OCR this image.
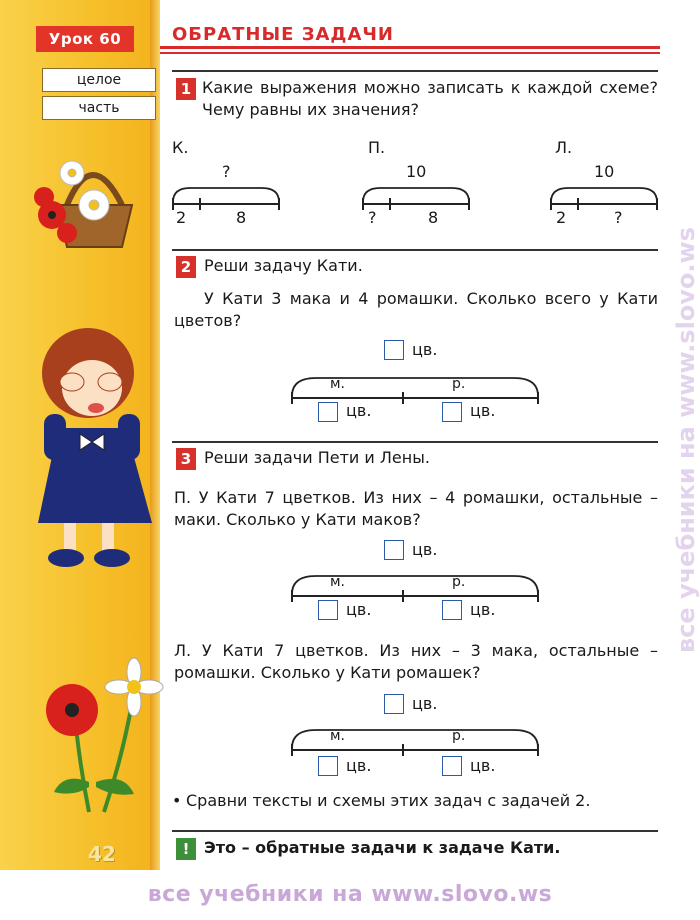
Урок 60	ОБРАТНЫЕ ЗАДАЧИ
целое
часть
42
1 Какие выражения можно записать к каждой схеме? Чему равны их значения?
К.	П.	Л.
?
2	8
10
?	8
10
2	?
2 Реши задачу Кати.
У Кати 3 мака и 4 ромашки. Сколько всего у Кати цветов?
цв.
м.	р.
цв.	цв.
3 Реши задачи Пети и Лены.
П. У Кати 7 цветков. Из них – 4 ромашки, остальные – маки. Сколько у Кати маков?
цв.
м.	р.
цв.	цв.
Л. У Кати 7 цветков. Из них – 3 мака, остальные – ромашки. Сколько у Кати ромашек?
цв.
м.	р.
цв.	цв.
• Сравни тексты и схемы этих задач с задачей 2.
! Это – обратные задачи к задаче Кати.
все учебники на www.slovo.ws
все учебники на www.slovo.ws
